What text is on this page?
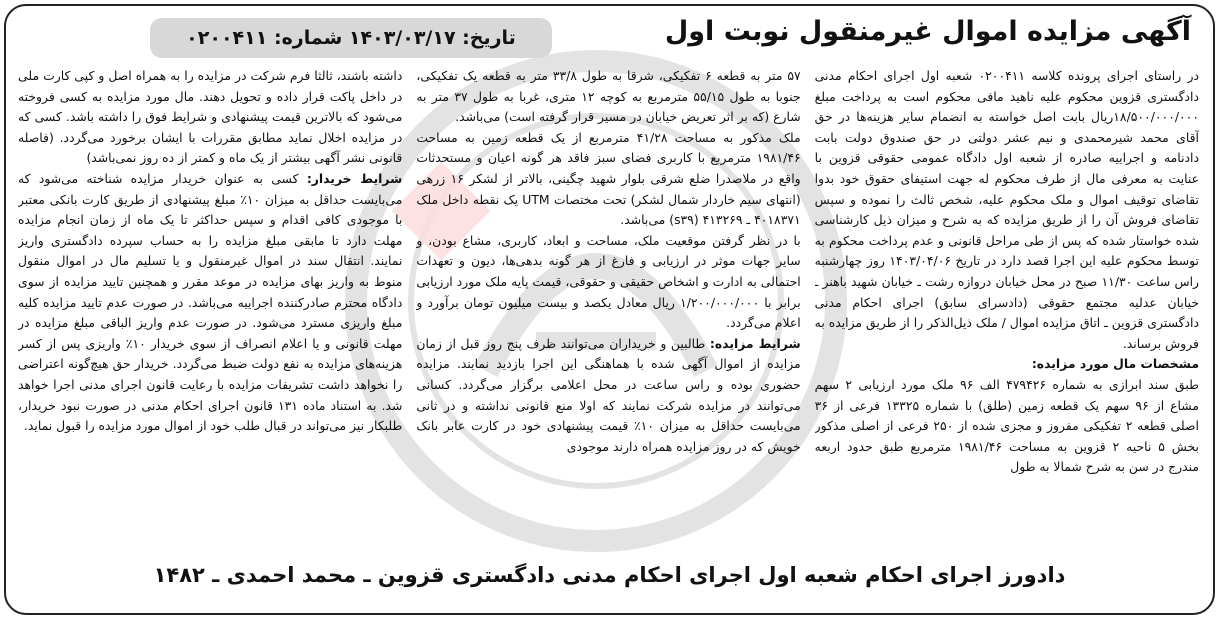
آگهی مزایده اموال غیرمنقول نوبت اول
تاریخ: ۱۴۰۳/۰۳/۱۷ شماره: ۰۲۰۰۴۱۱

در راستای اجرای پرونده کلاسه ۰۲۰۰۴۱۱ شعبه اول اجرای احکام مدنی دادگستری قزوین محکوم علیه ناهید مافی محکوم است به پرداخت مبلغ ۱۸/۵۰۰/۰۰۰/۰۰۰ریال بابت اصل خواسته به انضمام سایر هزینه‌ها در حق آقای محمد شیرمحمدی و نیم عشر دولتی در حق صندوق دولت بابت دادنامه و اجراییه صادره از شعبه اول دادگاه عمومی حقوقی قزوین با عنایت به معرفی مال از طرف محکوم له جهت استیفای حقوق خود بدوا تقاضای توقیف اموال و ملک محکوم علیه، شخص ثالث را نموده و سپس تقاضای فروش آن را از طریق مزایده که به شرح و میزان ذیل کارشناسی شده خواستار شده که پس از طی مراحل قانونی و عدم پرداخت محکوم به توسط محکوم علیه این اجرا قصد دارد در تاریخ ۱۴۰۳/۰۴/۰۶ روز چهارشنبه راس ساعت ۱۱/۳۰ صبح در محل خیابان دروازه رشت ـ خیابان شهید باهنر ـ خیابان عدلیه مجتمع حقوقی (دادسرای سابق) اجرای احکام مدنی دادگستری قزوین ـ اتاق مزایده اموال / ملک ذیل‌الذکر را از طریق مزایده به فروش برساند.

مشخصات مال مورد مزایده:

طبق سند ابرازی به شماره ۴۷۹۴۲۶ الف ۹۶ ملک مورد ارزیابی ۲ سهم مشاع از ۹۶ سهم یک قطعه زمین (طلق) با شماره ۱۳۳۲۵ فرعی از ۳۶ اصلی قطعه ۲ تفکیکی مفروز و مجزی شده از ۲۵۰ فرعی از اصلی مذکور بخش ۵ ناحیه ۲ قزوین به مساحت ۱۹۸۱/۴۶ مترمربع طبق حدود اربعه مندرج در سن به شرح شمالا به طول

۵۷ متر به قطعه ۶ تفکیکی، شرقا به طول ۳۳/۸ متر به قطعه یک تفکیکی، جنوبا به طول ۵۵/۱۵ مترمربع به کوچه ۱۲ متری، غربا به طول ۳۷ متر به شارع (که بر اثر تعریض خیابان در مسیر قرار گرفته است) می‌باشد.

ملک مذکور به مساحت ۴۱/۲۸ مترمربع از یک قطعه زمین به مساحت ۱۹۸۱/۴۶ مترمربع با کاربری فضای سبز فاقد هر گونه اعیان و مستحدثات واقع در ملاصدرا ضلع شرقی بلوار شهید چگینی، بالاتر از لشکر ۱۶ زرهی (انتهای سیم خاردار شمال لشکر) تحت مختصات UTM یک نقطه داخل ملک ۴۰۱۸۳۷۱ ـ ۴۱۳۲۶۹ (s۳۹) می‌باشد.

با در نظر گرفتن موقعیت ملک، مساحت و ابعاد، کاربری، مشاع بودن، و سایر جهات موثر در ارزیابی و فارغ از هر گونه بدهی‌ها، دیون و تعهدات احتمالی به ادارت و اشخاص حقیقی و حقوقی، قیمت پایه ملک مورد ارزیابی برابر با ۱/۲۰۰/۰۰۰/۰۰۰ ریال معادل یکصد و بیست میلیون تومان برآورد و اعلام می‌گردد.

شرایط مزایده: طالبین و خریداران می‌توانند ظرف پنج روز قبل از زمان مزایده از اموال آگهی شده با هماهنگی این اجرا بازدید نمایند. مزایده حضوری بوده و راس ساعت در محل اعلامی برگزار می‌گردد. کسانی می‌توانند در مزایده شرکت نمایند که اولا منع قانونی نداشته و در ثانی می‌بایست حداقل به میزان ۱۰٪ قیمت پیشنهادی خود در کارت عابر بانک خویش که در روز مزایده همراه دارند موجودی

داشته باشند، ثالثا فرم شرکت در مزایده را به همراه اصل و کپی کارت ملی در داخل پاکت قرار داده و تحویل دهند. مال مورد مزایده به کسی فروخته می‌شود که بالاترین قیمت پیشنهادی و شرایط فوق را داشته باشد. کسی که در مزایده اخلال نماید مطابق مقررات با ایشان برخورد می‌گردد. (فاصله قانونی نشر آگهی بیشتر از یک ماه و کمتر از ده روز نمی‌باشد)

شرایط خریدار: کسی به عنوان خریدار مزایده شناخته می‌شود که می‌بایست حداقل به میزان ۱۰٪ مبلغ پیشنهادی از طریق کارت بانکی معتبر با موجودی کافی اقدام و سپس حداکثر تا یک ماه از زمان انجام مزایده مهلت دارد تا مابقی مبلغ مزایده را به حساب سپرده دادگستری واریز نمایند. انتقال سند در اموال غیرمنقول و یا تسلیم مال در اموال منقول منوط به واریز بهای مزایده در موعد مقرر و همچنین تایید مزایده از سوی دادگاه محترم صادرکننده اجراییه می‌باشد. در صورت عدم تایید مزایده کلیه مبلغ واریزی مسترد می‌شود. در صورت عدم واریز الباقی مبلغ مزایده در مهلت قانونی و یا اعلام انصراف از سوی خریدار ۱۰٪ واریزی پس از کسر هزینه‌های مزایده به نفع دولت ضبط می‌گردد. خریدار حق هیچ‌گونه اعتراضی را نخواهد داشت تشریفات مزایده با رعایت قانون اجرای مدنی اجرا خواهد شد. به استناد ماده ۱۳۱ قانون اجرای احکام مدنی در صورت نبود خریدار، طلبکار نیز می‌تواند در قبال طلب خود از اموال مورد مزایده را قبول نماید.

دادورز اجرای احکام شعبه اول اجرای احکام مدنی دادگستری قزوین ـ محمد احمدی ـ ۱۴۸۲
